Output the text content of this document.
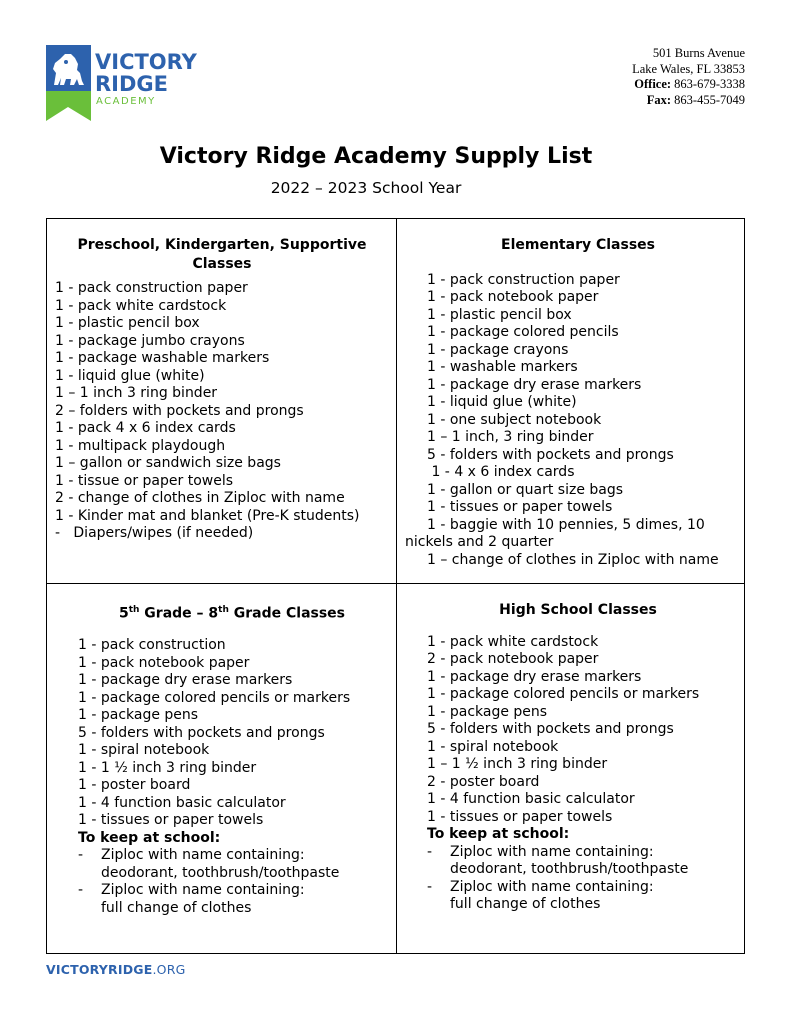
VICTORY
RIDGE
ACADEMY
501 Burns Avenue
Lake Wales, FL 33853
Office: 863-679-3338
Fax: 863-455-7049
Victory Ridge Academy Supply List
2022 – 2023 School Year
Preschool, Kindergarten, Supportive Classes
1 - pack construction paper
1 - pack white cardstock
1 - plastic pencil box
1 - package jumbo crayons
1 - package washable markers
1 - liquid glue (white)
1 – 1 inch 3 ring binder
2 – folders with pockets and prongs
1 - pack 4 x 6 index cards
1 - multipack playdough
1 – gallon or sandwich size bags
1 - tissue or paper towels
2 - change of clothes in Ziploc with name
1 - Kinder mat and blanket (Pre-K students)
-   Diapers/wipes (if needed)
Elementary Classes
1 - pack construction paper
1 - pack notebook paper
1 - plastic pencil box
1 - package colored pencils
1 - package crayons
1 - washable markers
1 - package dry erase markers
1 - liquid glue (white)
1 - one subject notebook
1 – 1 inch, 3 ring binder
5 - folders with pockets and prongs
1 - 4 x 6 index cards
1 - gallon or quart size bags
1 - tissues or paper towels
1 - baggie with 10 pennies, 5 dimes, 10
nickels and 2 quarter
1 – change of clothes in Ziploc with name
5th Grade – 8th Grade Classes
1 - pack construction
1 - pack notebook paper
1 - package dry erase markers
1 - package colored pencils or markers
1 - package pens
5 - folders with pockets and prongs
1 - spiral notebook
1 - 1 ½ inch 3 ring binder
1 - poster board
1 - 4 function basic calculator
1 - tissues or paper towels
To keep at school:
-	Ziploc with name containing:
deodorant, toothbrush/toothpaste
-	Ziploc with name containing:
full change of clothes
High School Classes
1 - pack white cardstock
2 - pack notebook paper
1 - package dry erase markers
1 - package colored pencils or markers
1 - package pens
5 - folders with pockets and prongs
1 - spiral notebook
1 – 1 ½ inch 3 ring binder
2 - poster board
1 - 4 function basic calculator
1 - tissues or paper towels
To keep at school:
-	Ziploc with name containing:
deodorant, toothbrush/toothpaste
-	Ziploc with name containing:
full change of clothes
VICTORYRIDGE.ORG
